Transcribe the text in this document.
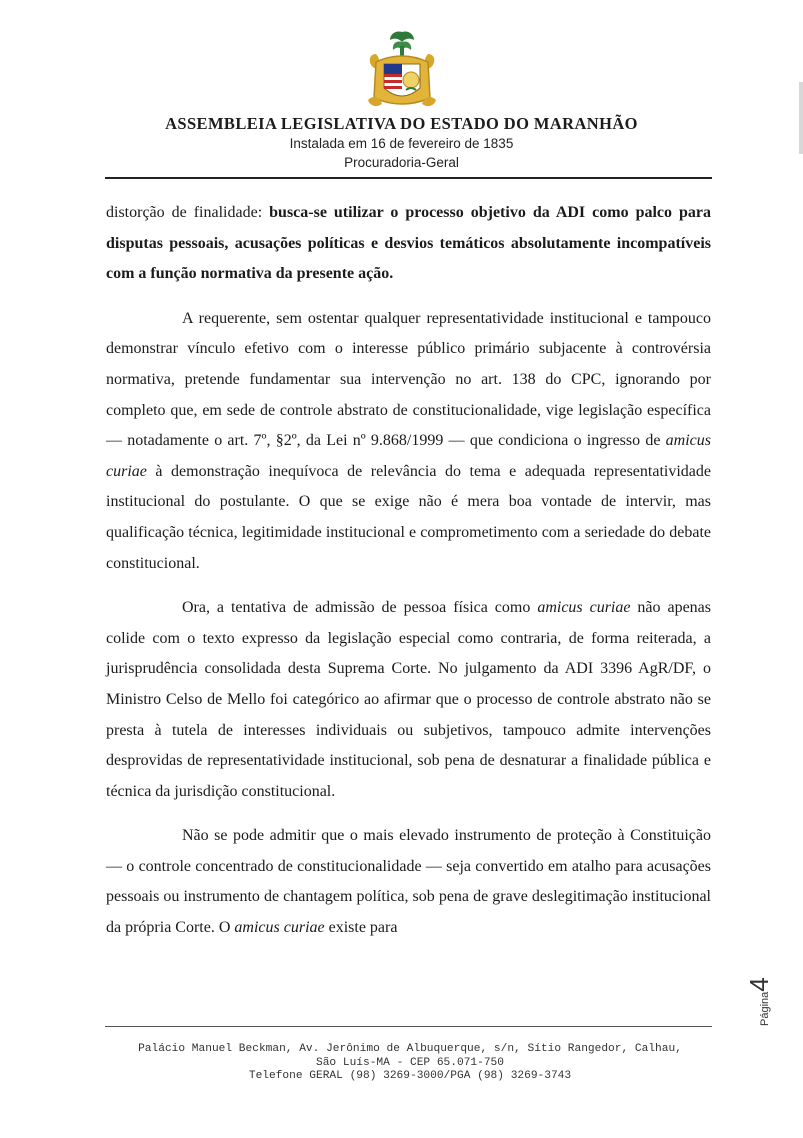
ASSEMBLEIA LEGISLATIVA DO ESTADO DO MARANHÃO
Instalada em 16 de fevereiro de 1835
Procuradoria-Geral

distorção de finalidade: busca-se utilizar o processo objetivo da ADI como palco para disputas pessoais, acusações políticas e desvios temáticos absolutamente incompatíveis com a função normativa da presente ação.

A requerente, sem ostentar qualquer representatividade institucional e tampouco demonstrar vínculo efetivo com o interesse público primário subjacente à controvérsia normativa, pretende fundamentar sua intervenção no art. 138 do CPC, ignorando por completo que, em sede de controle abstrato de constitucionalidade, vige legislação específica — notadamente o art. 7º, §2º, da Lei nº 9.868/1999 — que condiciona o ingresso de amicus curiae à demonstração inequívoca de relevância do tema e adequada representatividade institucional do postulante. O que se exige não é mera boa vontade de intervir, mas qualificação técnica, legitimidade institucional e comprometimento com a seriedade do debate constitucional.

Ora, a tentativa de admissão de pessoa física como amicus curiae não apenas colide com o texto expresso da legislação especial como contraria, de forma reiterada, a jurisprudência consolidada desta Suprema Corte. No julgamento da ADI 3396 AgR/DF, o Ministro Celso de Mello foi categórico ao afirmar que o processo de controle abstrato não se presta à tutela de interesses individuais ou subjetivos, tampouco admite intervenções desprovidas de representatividade institucional, sob pena de desnaturar a finalidade pública e técnica da jurisdição constitucional.

Não se pode admitir que o mais elevado instrumento de proteção à Constituição — o controle concentrado de constitucionalidade — seja convertido em atalho para acusações pessoais ou instrumento de chantagem política, sob pena de grave deslegitimação institucional da própria Corte. O amicus curiae existe para

Página4
Palácio Manuel Beckman, Av. Jerônimo de Albuquerque, s/n, Sítio Rangedor, Calhau,
São Luís-MA - CEP 65.071-750
Telefone GERAL (98) 3269-3000/PGA (98) 3269-3743
